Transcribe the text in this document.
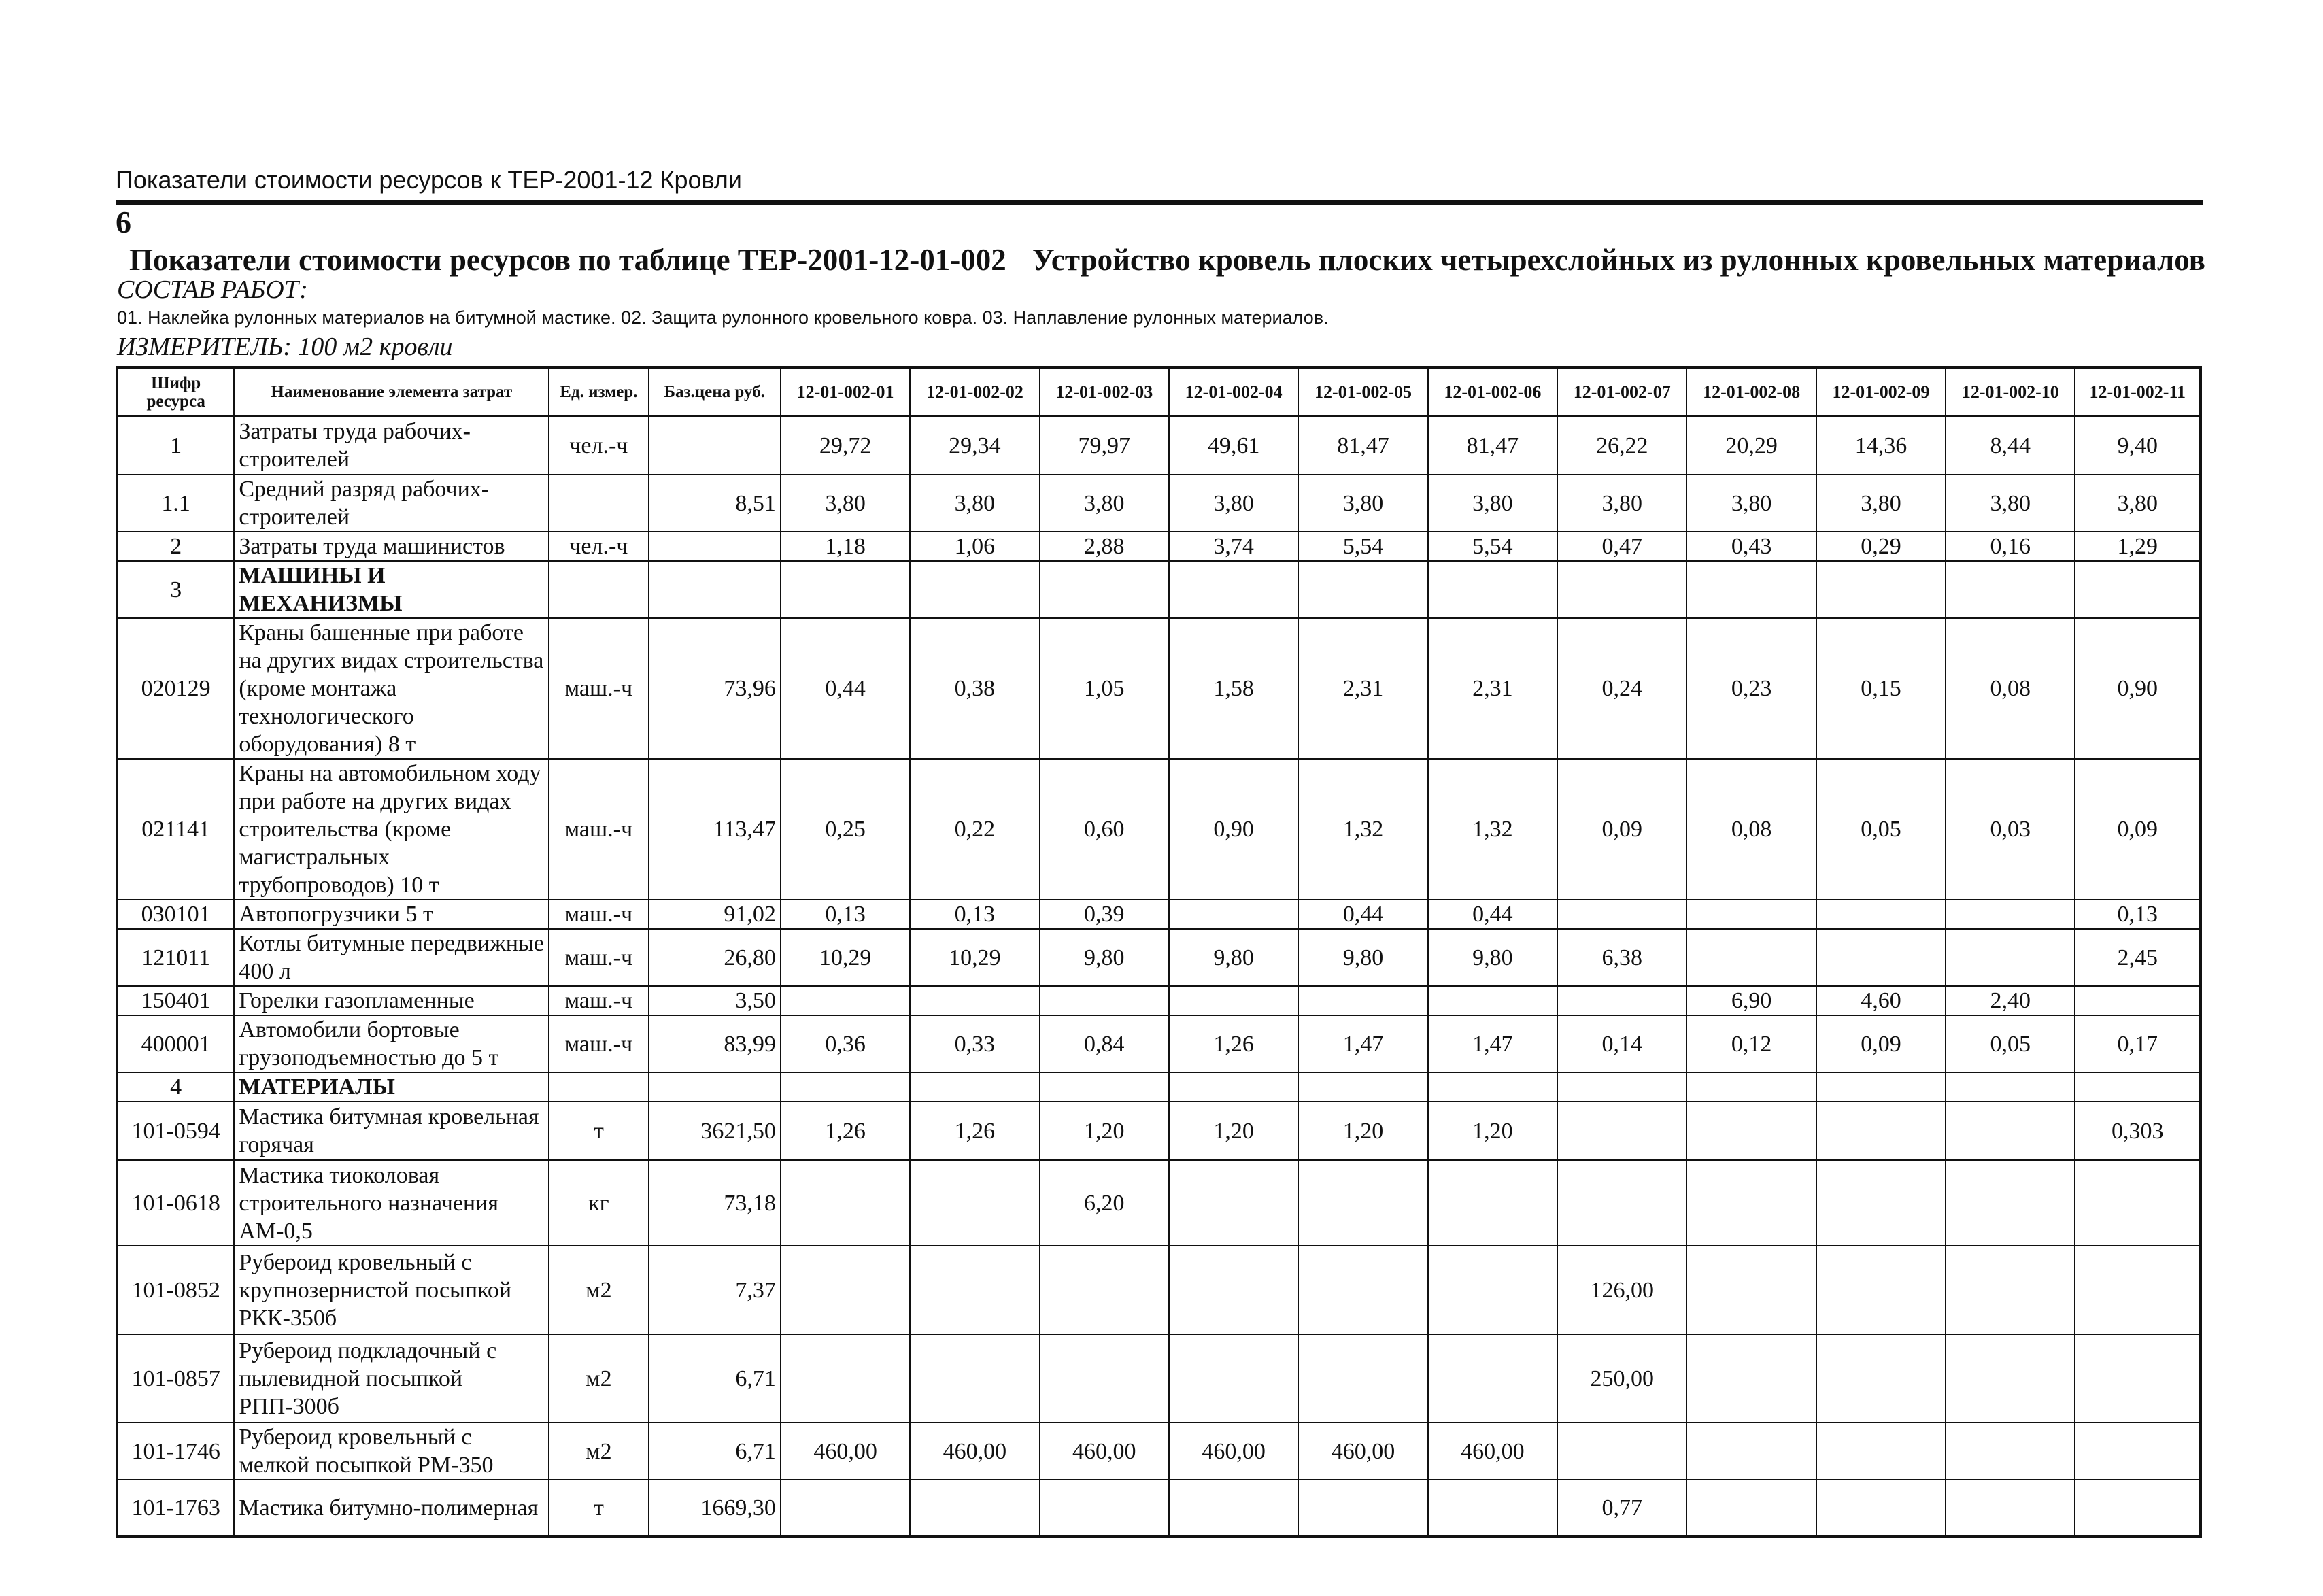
Показатели стоимости ресурсов к ТЕР-2001-12 Кровли
6
Показатели стоимости ресурсов по таблице ТЕР-2001-12-01-002 Устройство кровель плоских четырехслойных из рулонных кровельных материалов
СОСТАВ РАБОТ:
01. Наклейка рулонных материалов на битумной мастике. 02. Защита рулонного кровельного ковра. 03. Наплавление рулонных материалов.
ИЗМЕРИТЕЛЬ: 100 м2 кровли
Шифр ресурса	Наименование элемента затрат	Ед. измер.	Баз.цена руб.	12-01-002-01	12-01-002-02	12-01-002-03	12-01-002-04	12-01-002-05	12-01-002-06	12-01-002-07	12-01-002-08	12-01-002-09	12-01-002-10	12-01-002-11
1	Затраты труда рабочих-строителей	чел.-ч		29,72	29,34	79,97	49,61	81,47	81,47	26,22	20,29	14,36	8,44	9,40
1.1	Средний разряд рабочих-строителей		8,51	3,80	3,80	3,80	3,80	3,80	3,80	3,80	3,80	3,80	3,80	3,80
2	Затраты труда машинистов	чел.-ч		1,18	1,06	2,88	3,74	5,54	5,54	0,47	0,43	0,29	0,16	1,29
3	МАШИНЫ И МЕХАНИЗМЫ													
020129	Краны башенные при работе на других видах строительства (кроме монтажа технологического оборудования) 8 т	маш.-ч	73,96	0,44	0,38	1,05	1,58	2,31	2,31	0,24	0,23	0,15	0,08	0,90
021141	Краны на автомобильном ходу при работе на других видах строительства (кроме магистральных трубопроводов) 10 т	маш.-ч	113,47	0,25	0,22	0,60	0,90	1,32	1,32	0,09	0,08	0,05	0,03	0,09
030101	Автопогрузчики 5 т	маш.-ч	91,02	0,13	0,13	0,39		0,44	0,44					0,13
121011	Котлы битумные передвижные 400 л	маш.-ч	26,80	10,29	10,29	9,80	9,80	9,80	9,80	6,38				2,45
150401	Горелки газопламенные	маш.-ч	3,50								6,90	4,60	2,40	
400001	Автомобили бортовые грузоподъемностью до 5 т	маш.-ч	83,99	0,36	0,33	0,84	1,26	1,47	1,47	0,14	0,12	0,09	0,05	0,17
4	МАТЕРИАЛЫ													
101-0594	Мастика битумная кровельная горячая	т	3621,50	1,26	1,26	1,20	1,20	1,20	1,20					0,303
101-0618	Мастика тиоколовая строительного назначения АМ-0,5	кг	73,18			6,20								
101-0852	Рубероид кровельный с крупнозернистой посыпкой РКК-350б	м2	7,37							126,00				
101-0857	Рубероид подкладочный с пылевидной посыпкой РПП-300б	м2	6,71							250,00				
101-1746	Рубероид кровельный с мелкой посыпкой РМ-350	м2	6,71	460,00	460,00	460,00	460,00	460,00	460,00					
101-1763	Мастика битумно-полимерная	т	1669,30							0,77				
